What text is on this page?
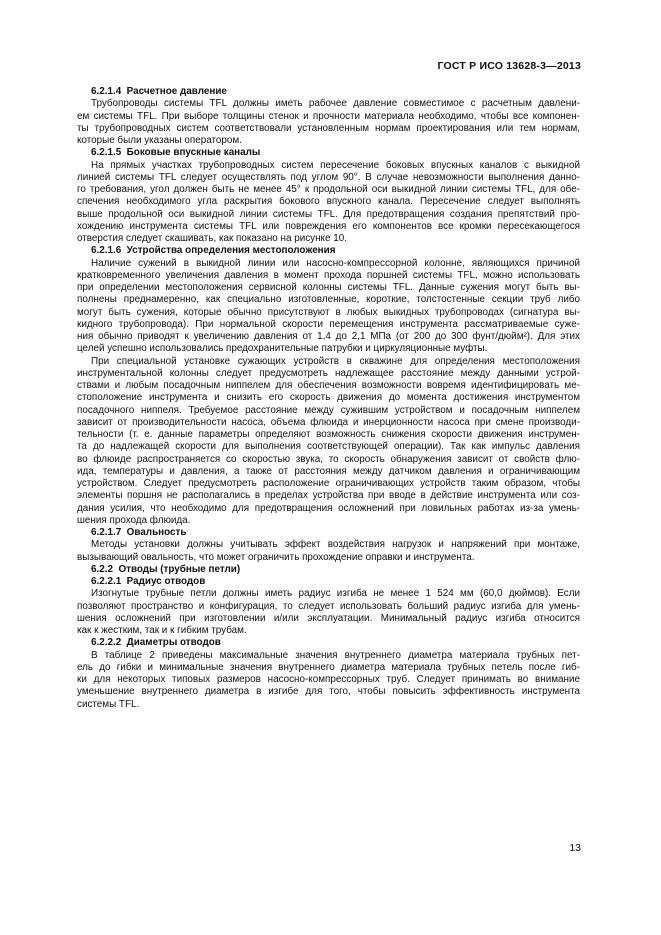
ГОСТ Р ИСО 13628-3—2013
6.2.1.4  Расчетное давление
Трубопроводы системы TFL должны иметь рабочее давление совместимое с расчетным давлени-
ем системы TFL. При выборе толщины стенок и прочности материала необходимо, чтобы все компонен-
ты трубопроводных систем соответствовали установленным нормам проектирования или тем нормам,
которые были указаны оператором.
6.2.1.5  Боковые впускные каналы
На прямых участках трубопроводных систем пересечение боковых впускных каналов с выкидной
линией системы TFL следует осуществлять под углом 90°. В случае невозможности выполнения данно-
го требования, угол должен быть не менее 45° к продольной оси выкидной линии системы TFL, для обе-
спечения необходимого угла раскрытия бокового впускного канала. Пересечение следует выполнять
выше продольной оси выкидной линии системы TFL. Для предотвращения создания препятствий про-
хождению инструмента системы TFL или повреждения его компонентов все кромки пересекающегося
отверстия следует скашивать, как показано на рисунке 10.
6.2.1.6  Устройства определения местоположения
Наличие сужений в выкидной линии или насосно-компрессорной колонне, являющихся причиной
кратковременного увеличения давления в момент прохода поршней системы TFL, можно использовать
при определении местоположения сервисной колонны системы TFL. Данные сужения могут быть вы-
полнены преднамеренно, как специально изготовленные, короткие, толстостенные секции труб либо
могут быть сужения, которые обычно присутствуют в любых выкидных трубопроводах (сигнатура вы-
кидного трубопровода). При нормальной скорости перемещения инструмента рассматриваемые суже-
ния обычно приводят к увеличению давления от 1,4 до 2,1 МПа (от 200 до 300 фунт/дюйм²). Для этих
целей успешно использовались предохранительные патрубки и циркуляционные муфты.
При специальной установке сужающих устройств в скважине для определения местоположения
инструментальной колонны следует предусмотреть надлежащее расстояние между данными устрой-
ствами и любым посадочным ниппелем для обеспечения возможности вовремя идентифицировать ме-
стоположение инструмента и снизить его скорость движения до момента достижения инструментом
посадочного ниппеля. Требуемое расстояние между сужившим устройством и посадочным ниппелем
зависит от производительности насоса, объема флюида и инерционности насоса при смене производи-
тельности (т. е. данные параметры определяют возможность снижения скорости движения инструмен-
та до надлежащей скорости для выполнения соответствующей операции). Так как импульс давления
во флюиде распространяется со скоростью звука, то скорость обнаружения зависит от свойств флю-
ида, температуры и давления, а также от расстояния между датчиком давления и ограничивающим
устройством. Следует предусмотреть расположение ограничивающих устройств таким образом, чтобы
элементы поршня не располагались в пределах устройства при вводе в действие инструмента или соз-
дания усилия, что необходимо для предотвращения осложнений при ловильных работах из-за умень-
шения прохода флюида.
6.2.1.7  Овальность
Методы установки должны учитывать эффект воздействия нагрузок и напряжений при монтаже,
вызывающий овальность, что может ограничить прохождение оправки и инструмента.
6.2.2  Отводы (трубные петли)
6.2.2.1  Радиус отводов
Изогнутые трубные петли должны иметь радиус изгиба не менее 1 524 мм (60,0 дюймов). Если
позволяют пространство и конфигурация, то следует использовать больший радиус изгиба для умень-
шения осложнений при изготовлении и/или эксплуатации. Минимальный радиус изгиба относится
как к жестким, так и к гибким трубам.
6.2.2.2  Диаметры отводов
В таблице 2 приведены максимальные значения внутреннего диаметра материала трубных пет-
ель до гибки и минимальные значения внутреннего диаметра материала трубных петель после гиб-
ки для некоторых типовых размеров насосно-компрессорных труб. Следует принимать во внимание
уменьшение внутреннего диаметра в изгибе для того, чтобы повысить эффективность инструмента
системы TFL.
13
